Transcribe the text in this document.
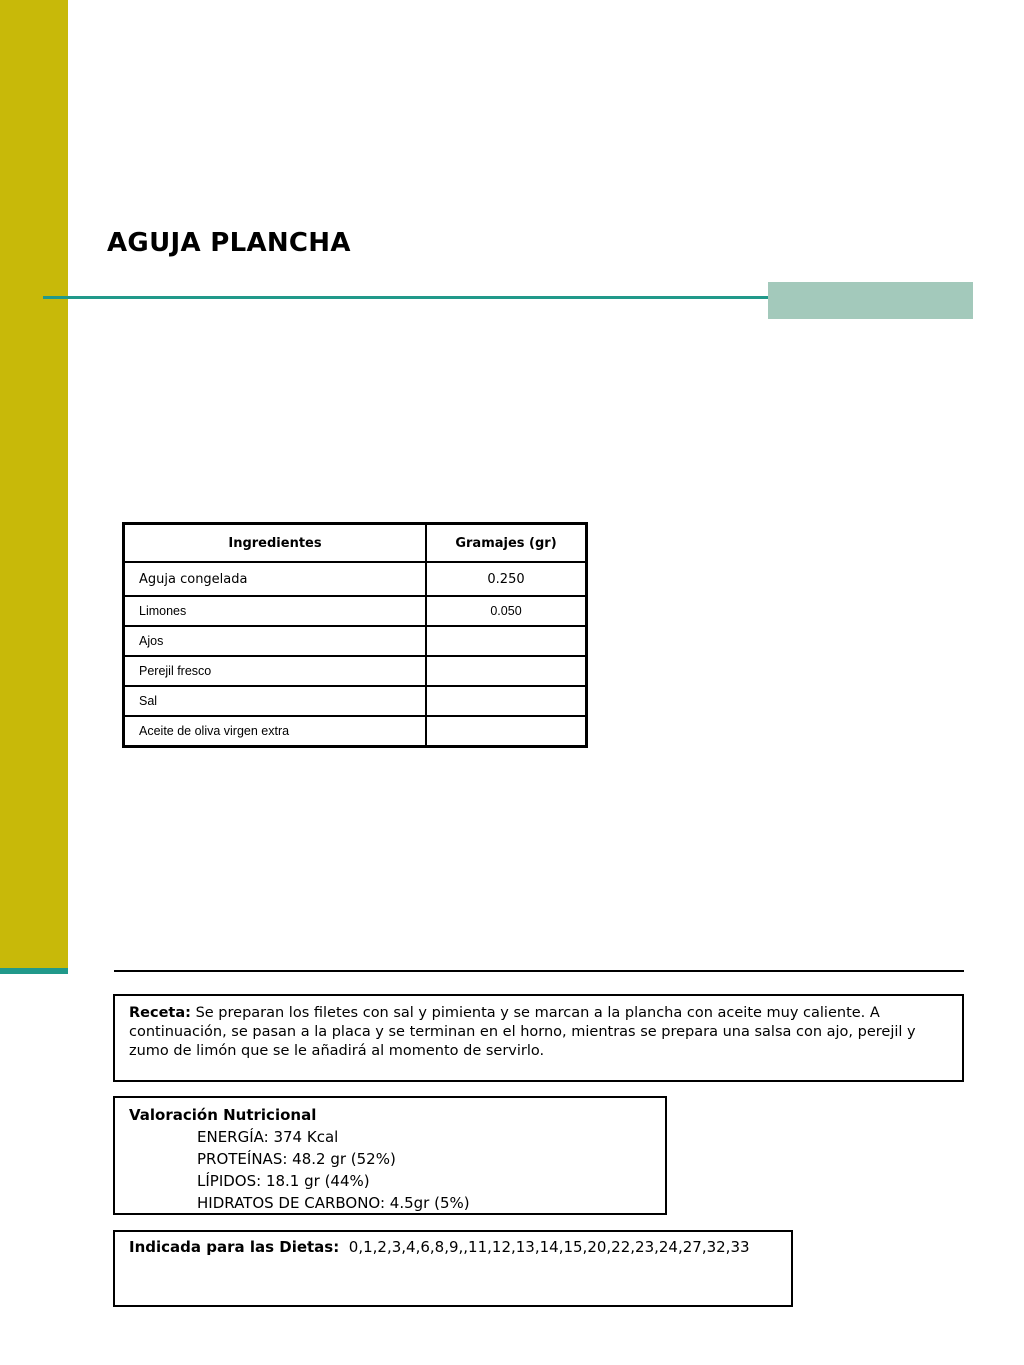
AGUJA PLANCHA
Ingredientes	Gramajes (gr)
Aguja congelada	0.250
Limones	0.050
Ajos	
Perejil fresco	
Sal	
Aceite de oliva virgen extra	
Receta: Se preparan los filetes con sal y pimienta y se marcan a la plancha con aceite muy caliente. A continuación, se pasan a la placa y se terminan en el horno, mientras se prepara una salsa con ajo, perejil y zumo de limón que se le añadirá al momento de servirlo.
Valoración Nutricional
ENERGÍA: 374 Kcal
PROTEÍNAS: 48.2 gr (52%)
LÍPIDOS: 18.1 gr (44%)
HIDRATOS DE CARBONO: 4.5gr (5%)
Indicada para las Dietas: 0,1,2,3,4,6,8,9,,11,12,13,14,15,20,22,23,24,27,32,33
